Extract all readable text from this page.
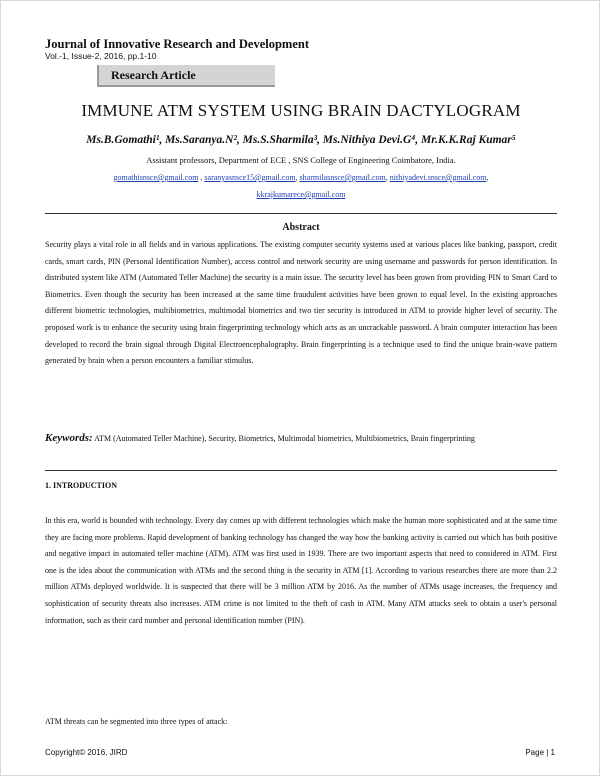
Journal of Innovative Research and Development
Vol.-1, Issue-2, 2016, pp.1-10
Research Article
IMMUNE ATM SYSTEM USING BRAIN DACTYLOGRAM
Ms.B.Gomathi¹, Ms.Saranya.N², Ms.S.Sharmila³, Ms.Nithiya Devi.G⁴, Mr.K.K.Raj Kumar⁵
Assistant professors, Department of ECE , SNS College of Engineering Coimbatore, India.
gomathisnsce@gmail.com , saranyasnsce15@gmail.com, sharmilasnsce@gmail.com, nithiyadevi.snsce@gmail.com,
kkrajkumarece@gmail.com
Abstract
Security plays a vital role in all fields and in various applications. The existing computer security systems used at various places like banking, passport, credit cards, smart cards, PIN (Personal Identification Number), access control and network security are using username and passwords for person identification. In distributed system like ATM (Automated Teller Machine) the security is a main issue. The security level has been grown from providing PIN to Smart Card to Biometrics. Even though the security has been increased at the same time fraudulent activities have been grown to equal level. In the existing approaches different biometric technologies, multibiometrics, multimodal biometrics and two tier security is introduced in ATM to provide higher level of security. The proposed work is to enhance the security using brain fingerprinting technology which acts as an uncrackable password. A brain computer interaction has been developed to record the brain signal through Digital Electroencephalography. Brain fingerprinting is a technique used to find the unique brain-wave pattern generated by brain when a person encounters a familiar stimulus.
Keywords: ATM (Automated Teller Machine), Security, Biometrics, Multimodal biometrics, Multibiometrics, Brain fingerprinting
1. INTRODUCTION
In this era, world is bounded with technology. Every day comes up with different technologies which make the human more sophisticated and at the same time they are facing more problems. Rapid development of banking technology has changed the way how the banking activity is carried out which has both positive and negative impact in automated teller machine (ATM). ATM was first used in 1939. There are two important aspects that need to considered in ATM. First one is the idea about the communication with ATMs and the second thing is the security in ATM [1]. According to various researches there are more than 2.2 million ATMs deployed worldwide. It is suspected that there will be 3 million ATM by 2016. As the number of ATMs usage increases, the frequency and sophistication of security threats also increases. ATM crime is not limited to the theft of cash in ATM. Many ATM attacks seek to obtain a user's personal information, such as their card number and personal identification number (PIN).
ATM threats can be segmented into three types of attack:
Copyright© 2016, JIRD	Page | 1
